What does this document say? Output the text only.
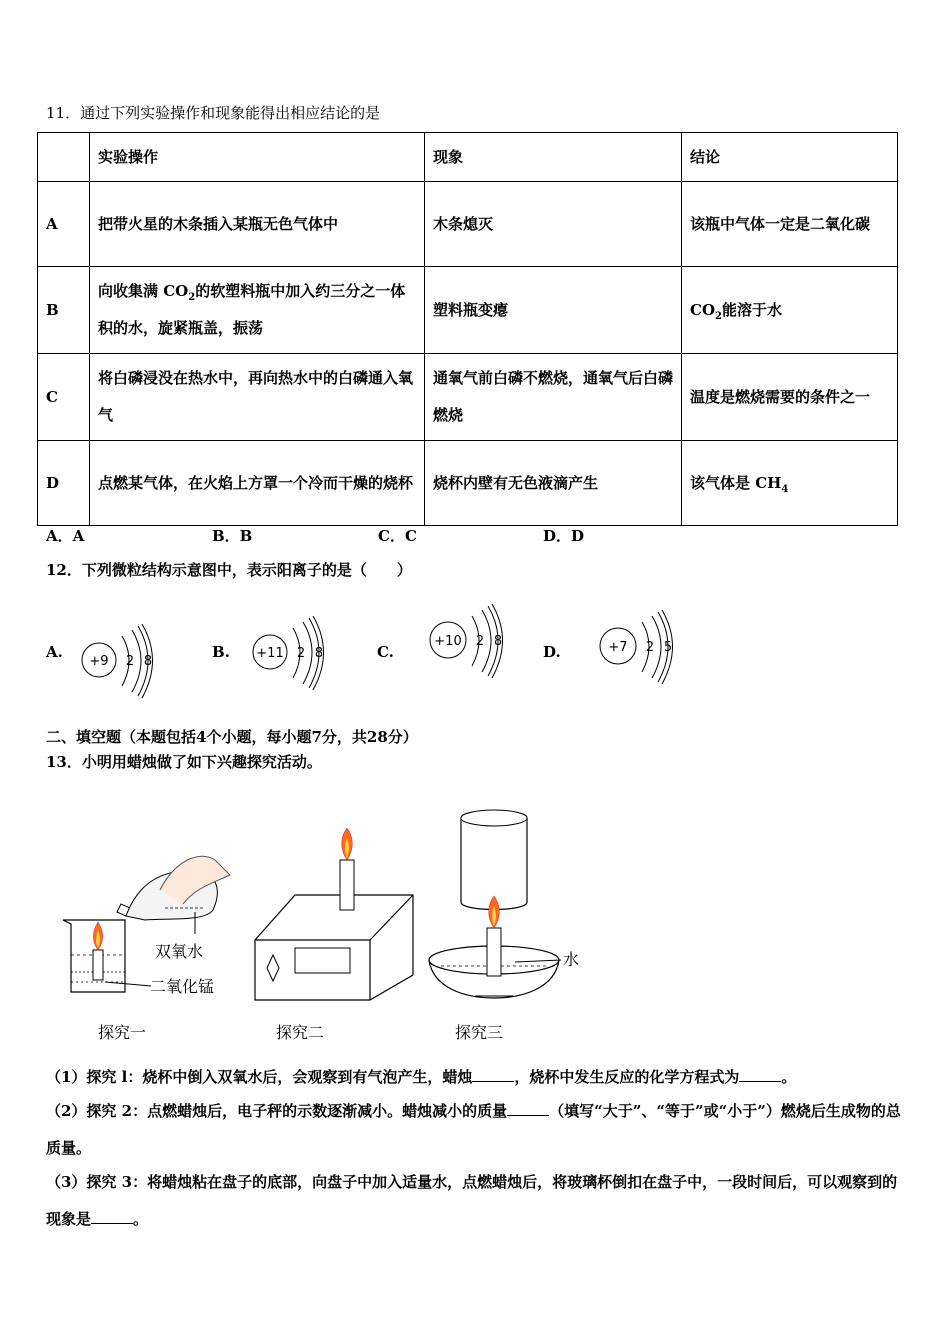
11．通过下列实验操作和现象能得出相应结论的是
	实验操作	现象	结论
A	把带火星的木条插入某瓶无色气体中	木条熄灭	该瓶中气体一定是二氧化碳
B	向收集满 $CO_2$的软塑料瓶中加入约三分之一体积的水，旋紧瓶盖，振荡	塑料瓶变瘪	$CO_2$能溶于水
C	将白磷浸没在热水中，再向热水中的白磷通入氧气	通氧气前白磷不燃烧，通氧气后白磷燃烧	温度是燃烧需要的条件之一
D	点燃某气体，在火焰上方罩一个冷而干燥的烧杯	烧杯内壁有无色液滴产生	该气体是 $CH_4$
A．A	B．B	C．C	D．D
12．下列微粒结构示意图中，表示阳离子的是（　　）
A.
+9 2 8
B. +11 2 8	C.
+10 2 8
D.	+7 2 5
二、填空题（本题包括4个小题，每小题7分，共28分）
13．小明用蜡烛做了如下兴趣探究活动。
双氧水
二氧化锰
水
探究一	探究二	探究三
（1）探究 l：烧杯中倒入双氧水后，会观察到有气泡产生，蜡烛	，烧杯中发生反应的化学方程式为	。
（2）探究 2：点燃蜡烛后，电子秤的示数逐渐减小。蜡烛减小的质量	（填写“大于”、“等于”或“小于”）燃烧后生成物的总质量。
（3）探究 3：将蜡烛粘在盘子的底部，向盘子中加入适量水，点燃蜡烛后，将玻璃杯倒扣在盘子中，一段时间后，可以观察到的现象是	。
